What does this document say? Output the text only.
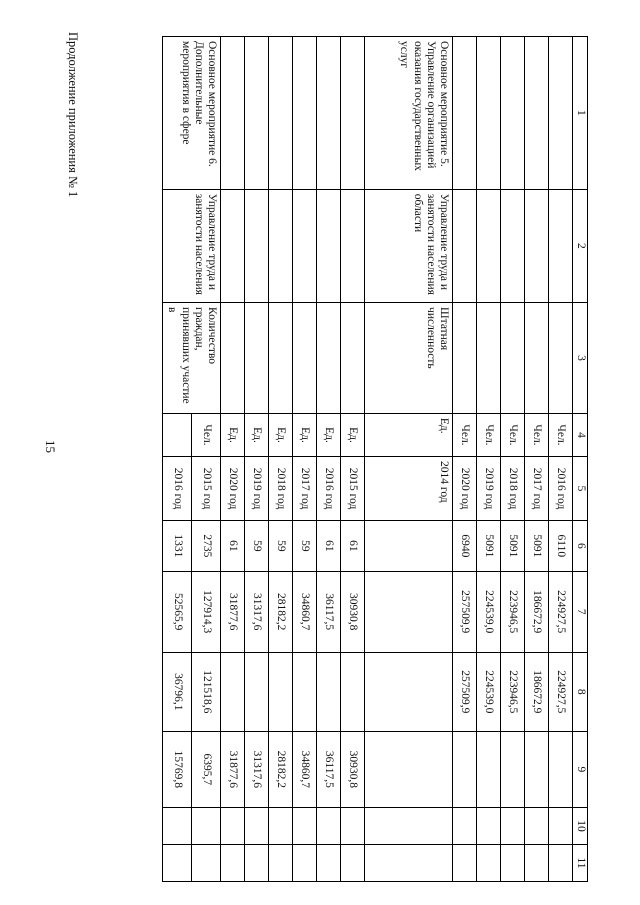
15
Продолжение приложения № 1	1	2	3	4	5	6	7	8	9	10	11
			Чел.	2016 год	6110	224927,5	224927,5			
			Чел.	2017 год	5091	186672,9	186672,9			
			Чел.	2018 год	5091	223946,5	223946,5			
			Чел.	2019 год	5091	224539,0	224539,0			
			Чел.	2020 год	6940	257509,9	257509,9			
Основное мероприятие 5. Управление организацией оказания государственных услуг	Управление труда и занятости населения области	Штатная численность	Ед.	2014 год						
			Ед.	2015 год	61	30930,8		30930,8		
			Ед.	2016 год	61	36117,5		36117,5		
			Ед.	2017 год	59	34860,7		34860,7		
			Ед.	2018 год	59	28182,2		28182,2		
			Ед.	2019 год	59	31317,6		31317,6		
			Ед.	2020 год	61	31877,6		31877,6		

Основное мероприятие 6. Дополнительные мероприятия в сфере	Управление труда и занятости населения	Количество граждан, принявших участие в	Чел.	2015 год	2735	127914,3	121518,6	6395,7		
				2016 год	1331	52565,9	36796,1	15769,8		
